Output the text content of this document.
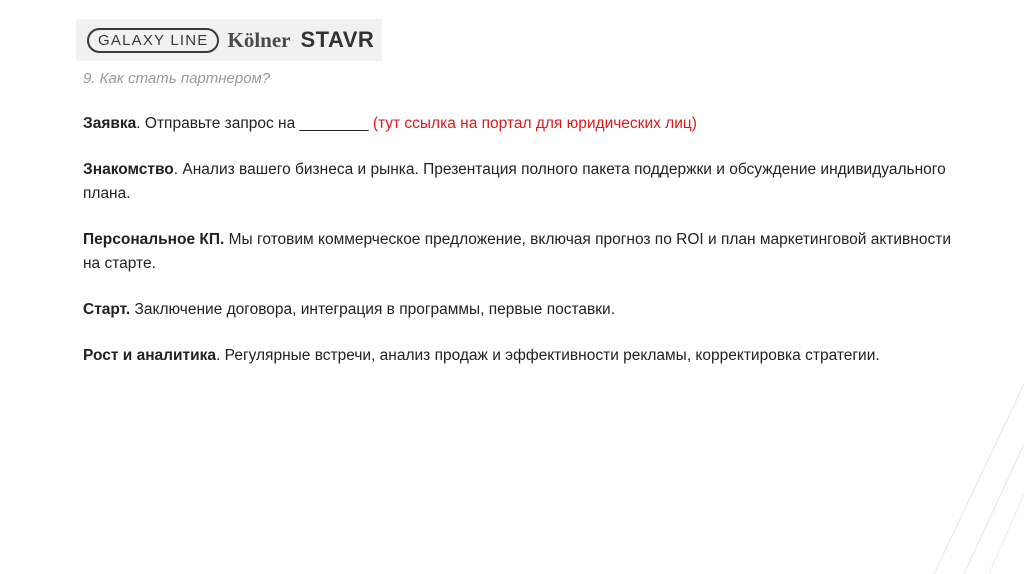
GALAXY LINE Kölner STAVR

9. Как стать партнером?

Заявка. Отправьте запрос на ________ (тут ссылка на портал для юридических лиц)

Знакомство. Анализ вашего бизнеса и рынка. Презентация полного пакета поддержки и обсуждение индивидуального плана.

Персональное КП. Мы готовим коммерческое предложение, включая прогноз по ROI и план маркетинговой активности на старте.

Старт. Заключение договора, интеграция в программы, первые поставки.

Рост и аналитика. Регулярные встречи, анализ продаж и эффективности рекламы, корректировка стратегии.
